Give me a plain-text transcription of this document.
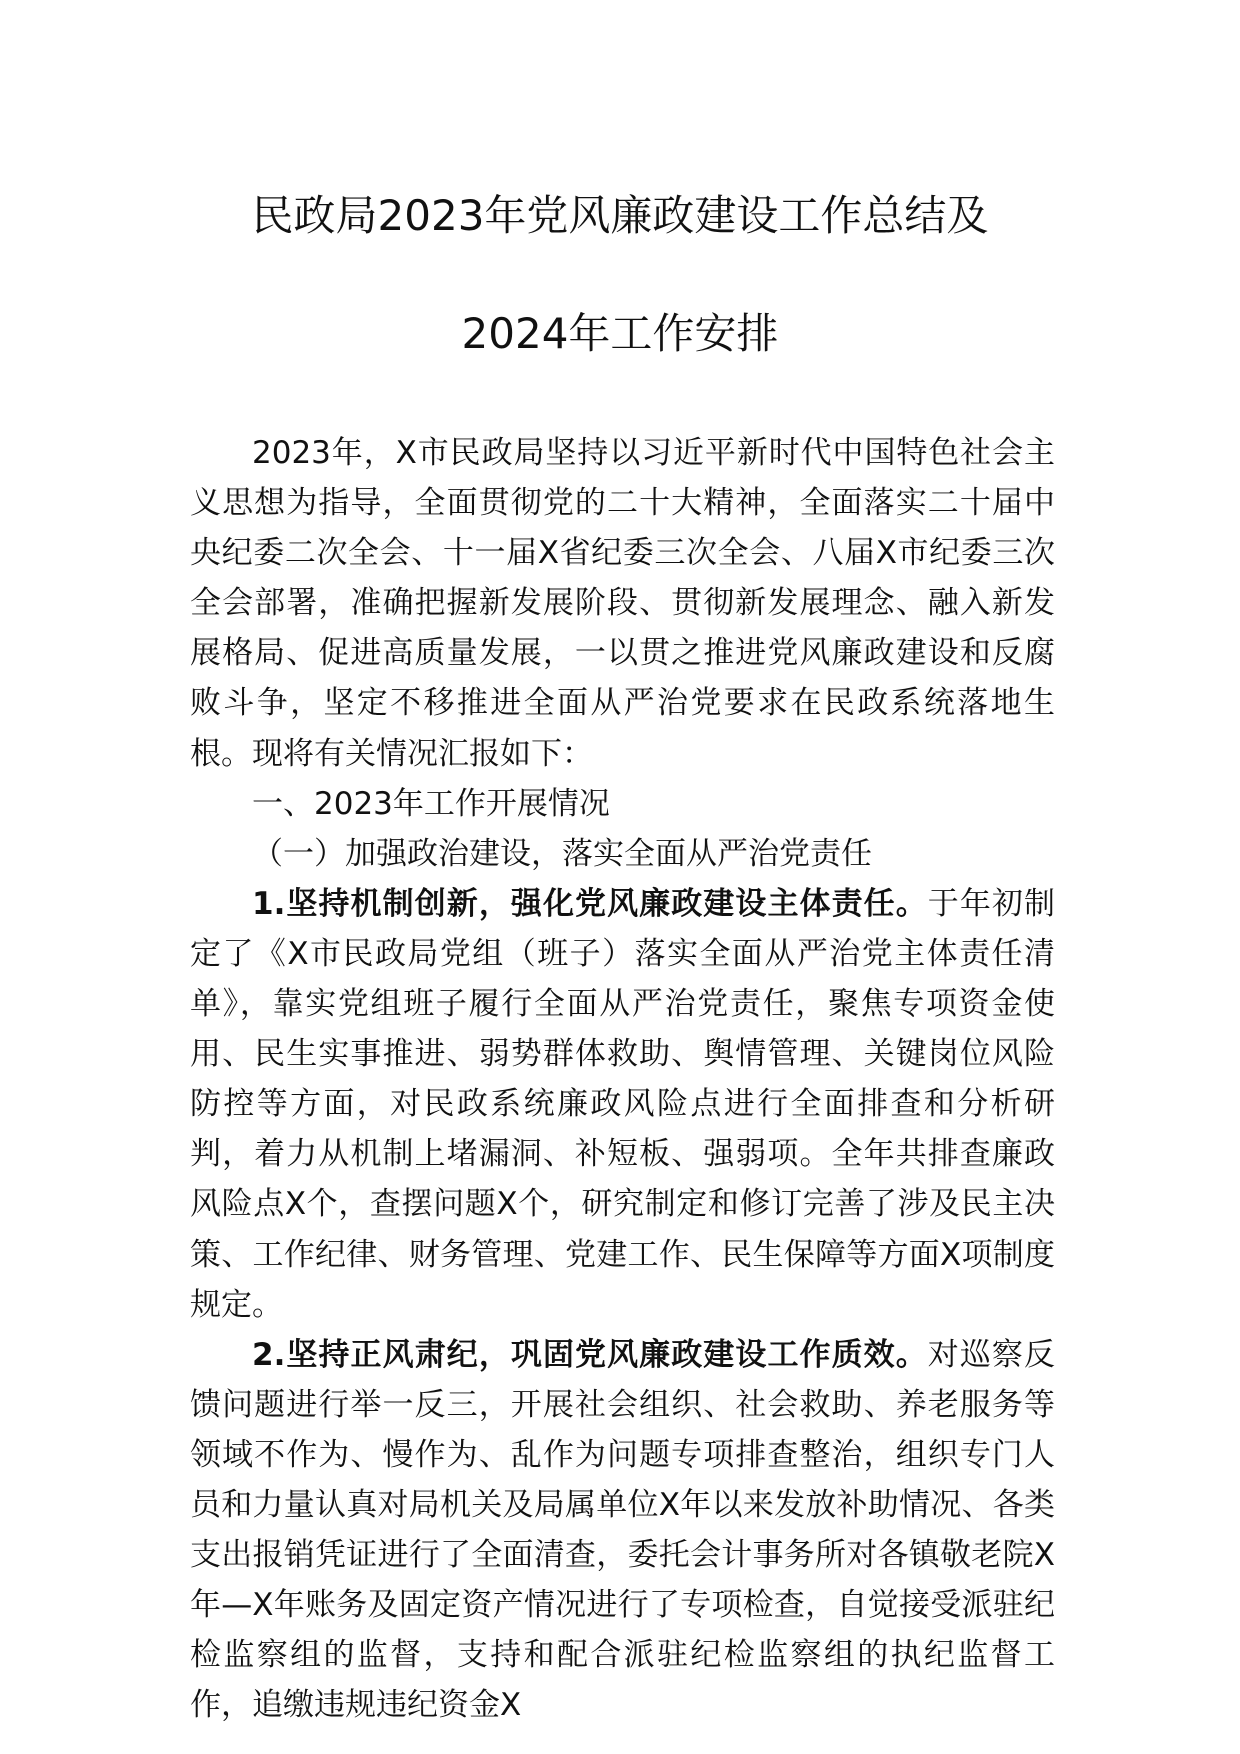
民政局2023年党风廉政建设工作总结及
2024年工作安排

2023年，X市民政局坚持以习近平新时代中国特色社会主义思想为指导，全面贯彻党的二十大精神，全面落实二十届中央纪委二次全会、十一届X省纪委三次全会、八届X市纪委三次全会部署，准确把握新发展阶段、贯彻新发展理念、融入新发展格局、促进高质量发展，一以贯之推进党风廉政建设和反腐败斗争，坚定不移推进全面从严治党要求在民政系统落地生根。现将有关情况汇报如下：

一、2023年工作开展情况

（一）加强政治建设，落实全面从严治党责任

1.坚持机制创新，强化党风廉政建设主体责任。于年初制定了《X市民政局党组（班子）落实全面从严治党主体责任清单》，靠实党组班子履行全面从严治党责任，聚焦专项资金使用、民生实事推进、弱势群体救助、舆情管理、关键岗位风险防控等方面，对民政系统廉政风险点进行全面排查和分析研判，着力从机制上堵漏洞、补短板、强弱项。全年共排查廉政风险点X个，查摆问题X个，研究制定和修订完善了涉及民主决策、工作纪律、财务管理、党建工作、民生保障等方面X项制度规定。

2.坚持正风肃纪，巩固党风廉政建设工作质效。对巡察反馈问题进行举一反三，开展社会组织、社会救助、养老服务等领域不作为、慢作为、乱作为问题专项排查整治，组织专门人员和力量认真对局机关及局属单位X年以来发放补助情况、各类支出报销凭证进行了全面清查，委托会计事务所对各镇敬老院X年—X年账务及固定资产情况进行了专项检查，自觉接受派驻纪检监察组的监督，支持和配合派驻纪检监察组的执纪监督工作，追缴违规违纪资金X
